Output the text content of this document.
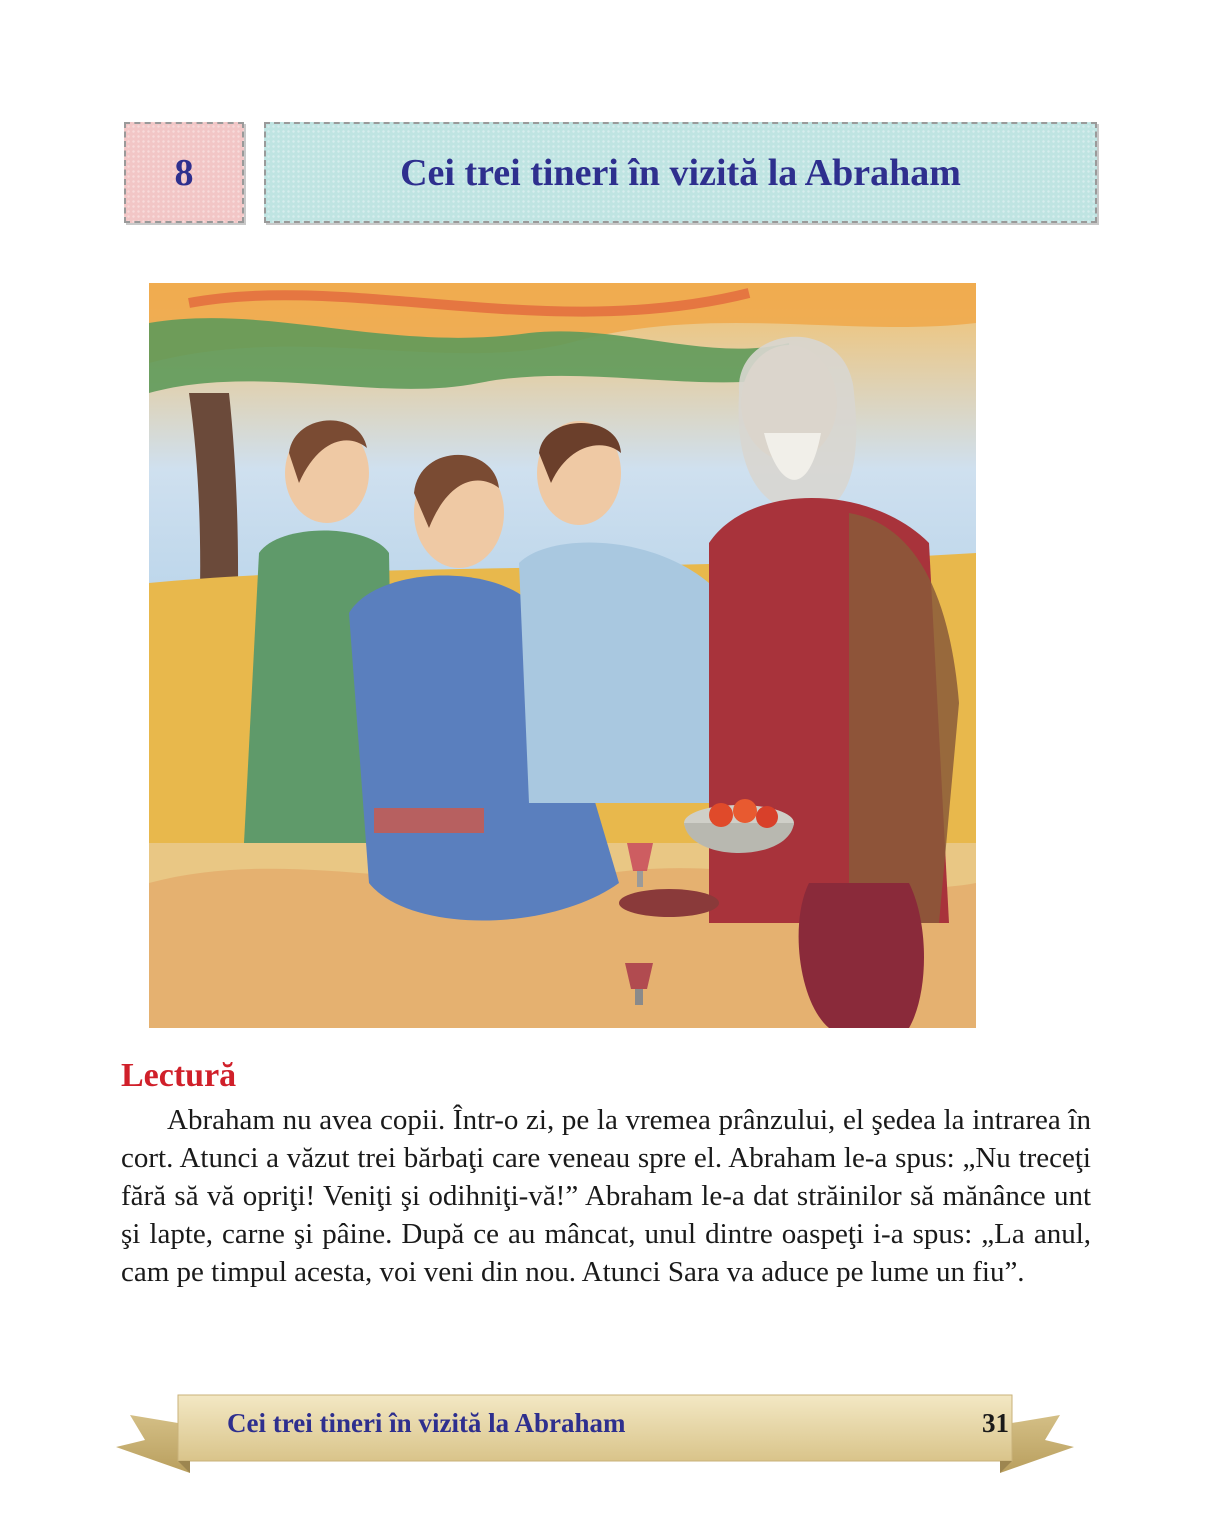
8	Cei trei tineri în vizită la Abraham
Lectură

Abraham nu avea copii. Într-o zi, pe la vremea prânzului, el şedea la intrarea în cort. Atunci a văzut trei bărbaţi care veneau spre el. Abraham le-a spus: „Nu treceţi fără să vă opriţi! Veniţi şi odihniţi-vă!” Abraham le-a dat străinilor să mănânce unt şi lapte, carne şi pâine. După ce au mâncat, unul dintre oaspeţi i-a spus: „La anul, cam pe timpul acesta, voi veni din nou. Atunci Sara va aduce pe lume un fiu”.

Cei trei tineri în vizită la Abraham	31
